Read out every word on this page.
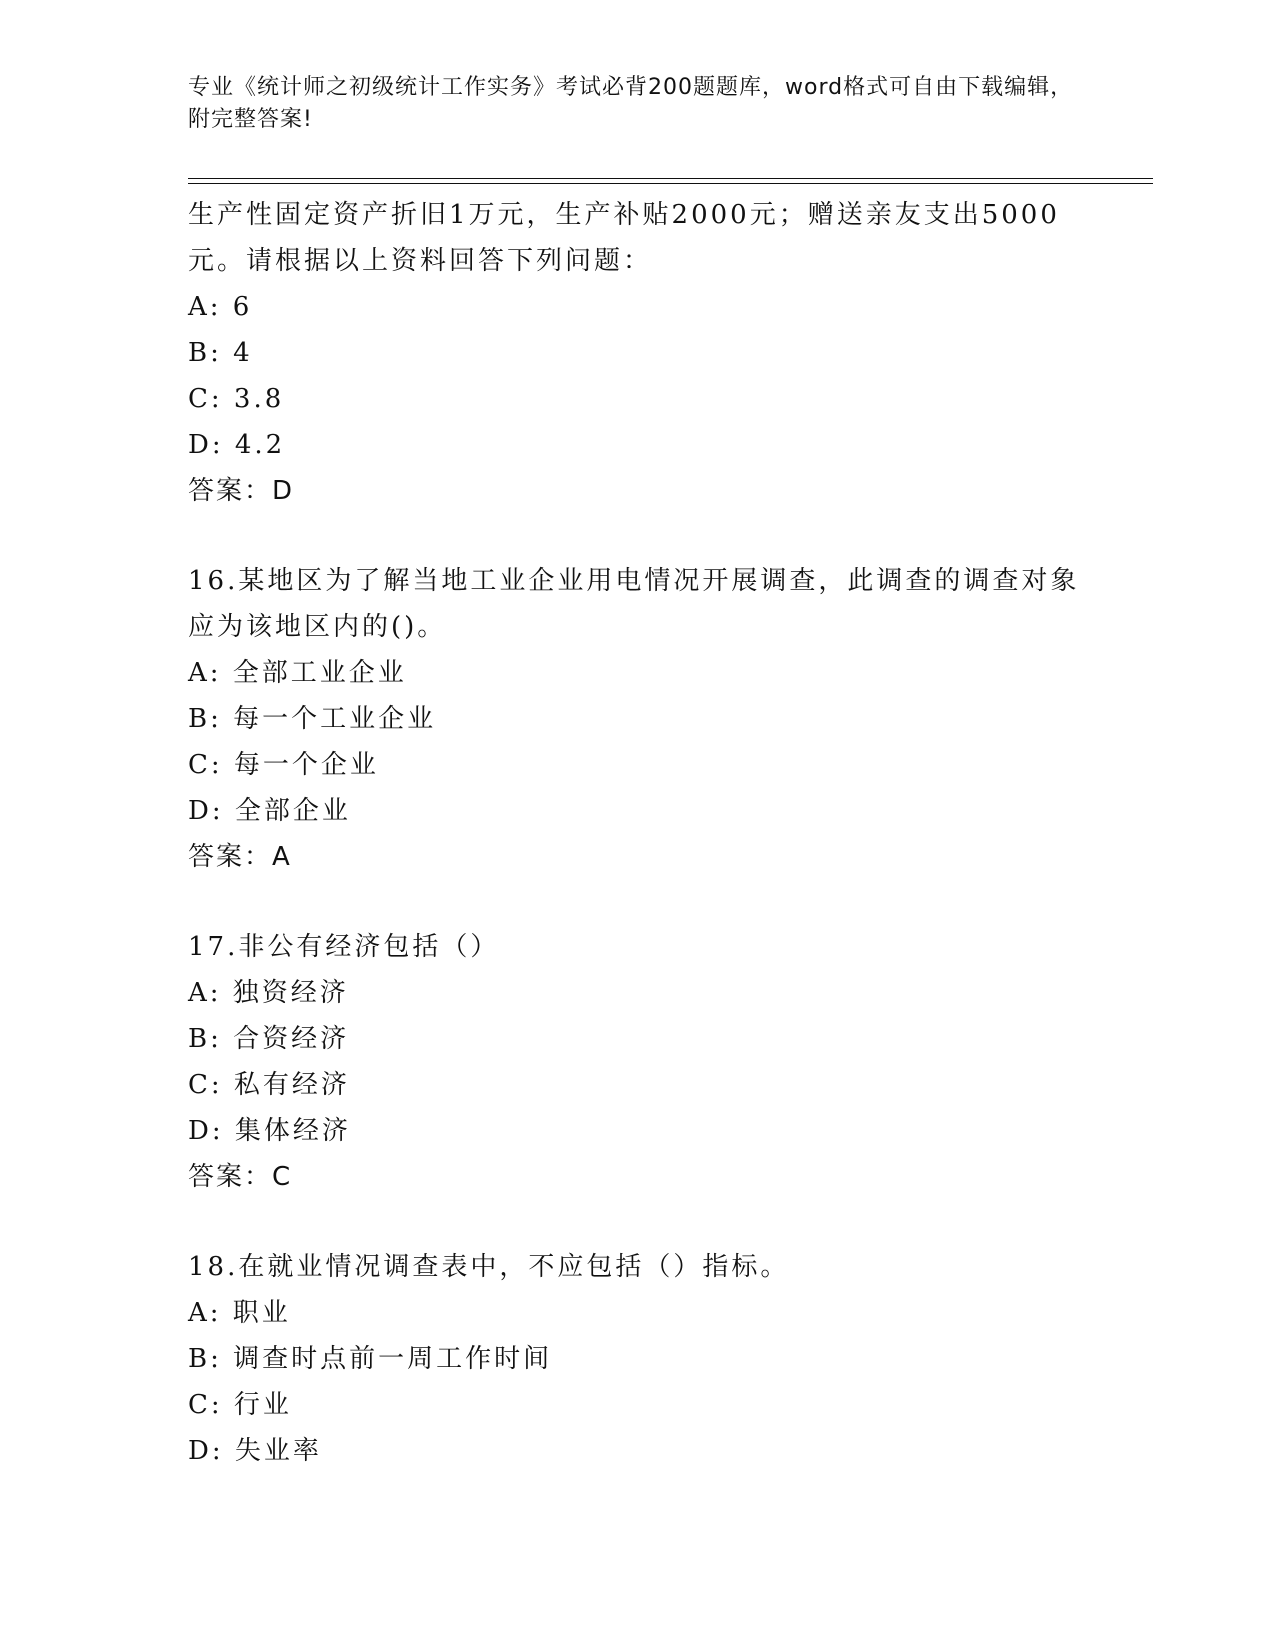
专业《统计师之初级统计工作实务》考试必背200题题库，word格式可自由下载编辑，附完整答案!
生产性固定资产折旧1万元，生产补贴2000元；赠送亲友支出5000
元。请根据以上资料回答下列问题：
A: 6
B: 4
C: 3.8
D: 4.2
答案：D
16.某地区为了解当地工业企业用电情况开展调查，此调查的调查对象
应为该地区内的()。
A: 全部工业企业
B: 每一个工业企业
C: 每一个企业
D: 全部企业
答案：A
17.非公有经济包括（）
A: 独资经济
B: 合资经济
C: 私有经济
D: 集体经济
答案：C
18.在就业情况调查表中，不应包括（）指标。
A: 职业
B: 调查时点前一周工作时间
C: 行业
D: 失业率
